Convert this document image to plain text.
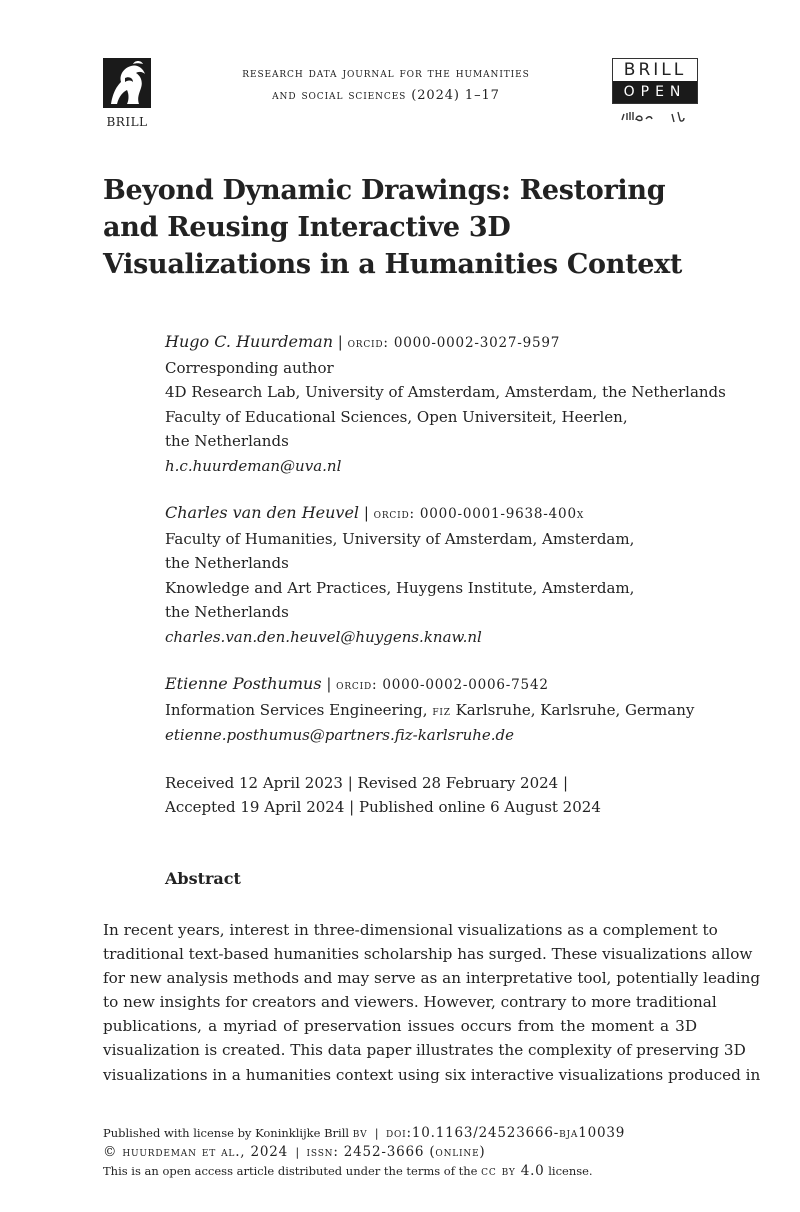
BRILL
research data journal for the humanities
and social sciences (2024) 1–17
BRILL
OPEN
Beyond Dynamic Drawings: Restoring and Reusing Interactive 3D Visualizations in a Humanities Context
Hugo C. Huurdeman | orcid: 0000-0002-3027-9597
Corresponding author
4D Research Lab, University of Amsterdam, Amsterdam, the Netherlands
Faculty of Educational Sciences, Open Universiteit, Heerlen,
the Netherlands
h.c.huurdeman@uva.nl
Charles van den Heuvel | orcid: 0000-0001-9638-400x
Faculty of Humanities, University of Amsterdam, Amsterdam,
the Netherlands
Knowledge and Art Practices, Huygens Institute, Amsterdam,
the Netherlands
charles.van.den.heuvel@huygens.knaw.nl
Etienne Posthumus | orcid: 0000-0002-0006-7542
Information Services Engineering, fiz Karlsruhe, Karlsruhe, Germany
etienne.posthumus@partners.fiz-karlsruhe.de
Received 12 April 2023 | Revised 28 February 2024 |
Accepted 19 April 2024 | Published online 6 August 2024
Abstract
In recent years, interest in three-dimensional visualizations as a complement to
traditional text-based humanities scholarship has surged. These visualizations allow
for new analysis methods and may serve as an interpretative tool, potentially leading
to new insights for creators and viewers. However, contrary to more traditional
publications, a myriad of preservation issues occurs from the moment a 3D
visualization is created. This data paper illustrates the complexity of preserving 3D
visualizations in a humanities context using six interactive visualizations produced in
Published with license by Koninklijke Brill bv  |  doi:10.1163/24523666-bja10039
© huurdeman et al., 2024  |  issn: 2452-3666 (online)
This is an open access article distributed under the terms of the cc by 4.0 license.
